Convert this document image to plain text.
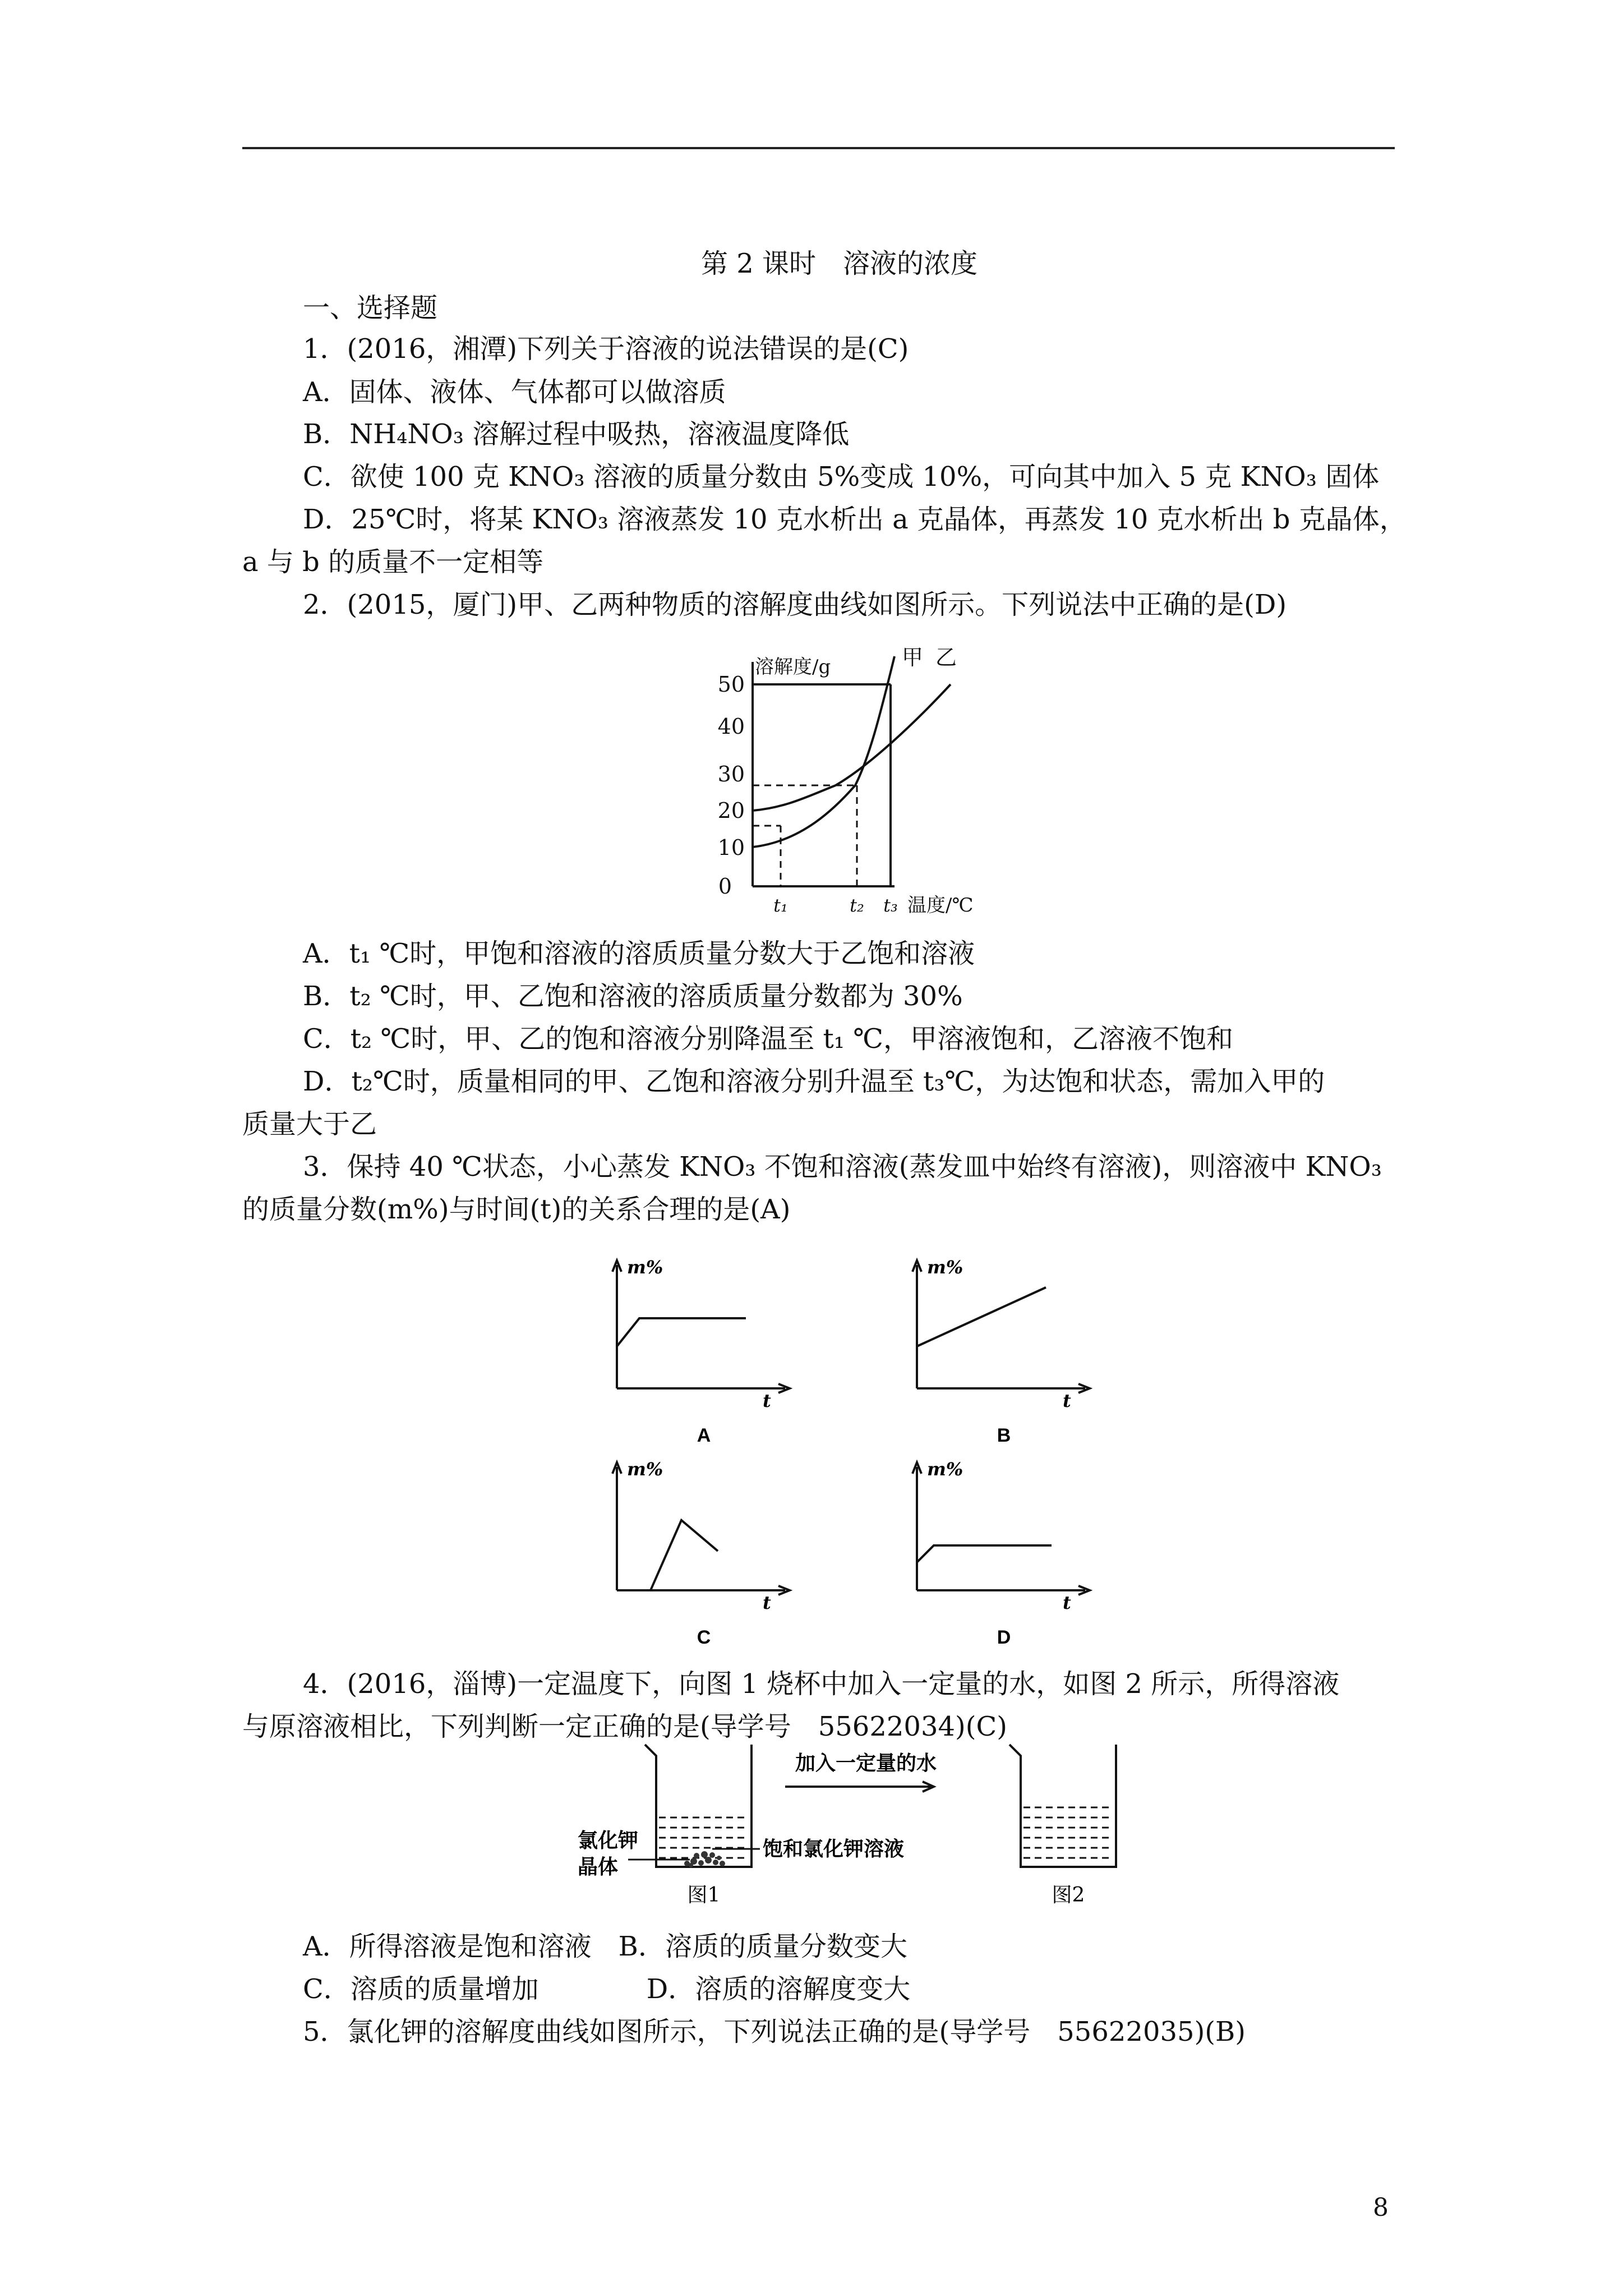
第 2 课时　溶液的浓度
一、选择题
1．(2016，湘潭)下列关于溶液的说法错误的是(C)
A．固体、液体、气体都可以做溶质
B．NH₄NO₃ 溶解过程中吸热，溶液温度降低
C．欲使 100 克 KNO₃ 溶液的质量分数由 5%变成 10%，可向其中加入 5 克 KNO₃ 固体
D．25℃时，将某 KNO₃ 溶液蒸发 10 克水析出 a 克晶体，再蒸发 10 克水析出 b 克晶体，
a 与 b 的质量不一定相等
2．(2015，厦门)甲、乙两种物质的溶解度曲线如图所示。下列说法中正确的是(D)
0
10
20
30
40
50
溶解度/g	甲 乙
t₁	t₂ t₃ 温度/℃
A．t₁ ℃时，甲饱和溶液的溶质质量分数大于乙饱和溶液
B．t₂ ℃时，甲、乙饱和溶液的溶质质量分数都为 30%
C．t₂ ℃时，甲、乙的饱和溶液分别降温至 t₁ ℃，甲溶液饱和，乙溶液不饱和
D．t₂℃时，质量相同的甲、乙饱和溶液分别升温至 t₃℃，为达饱和状态，需加入甲的
质量大于乙
3．保持 40 ℃状态，小心蒸发 KNO₃ 不饱和溶液(蒸发皿中始终有溶液)，则溶液中 KNO₃
的质量分数(m%)与时间(t)的关系合理的是(A)
m%
t
A
m%
t
B
m%
t
C
m%
t
D
4．(2016，淄博)一定温度下，向图 1 烧杯中加入一定量的水，如图 2 所示，所得溶液
与原溶液相比，下列判断一定正确的是(导学号　55622034)(C)
氯化钾
晶体
饱和氯化钾溶液
图1
加入一定量的水
图2
A．所得溶液是饱和溶液　B．溶质的质量分数变大
C．溶质的质量增加　　　　D．溶质的溶解度变大
5．氯化钾的溶解度曲线如图所示，下列说法正确的是(导学号　55622035)(B)
8
